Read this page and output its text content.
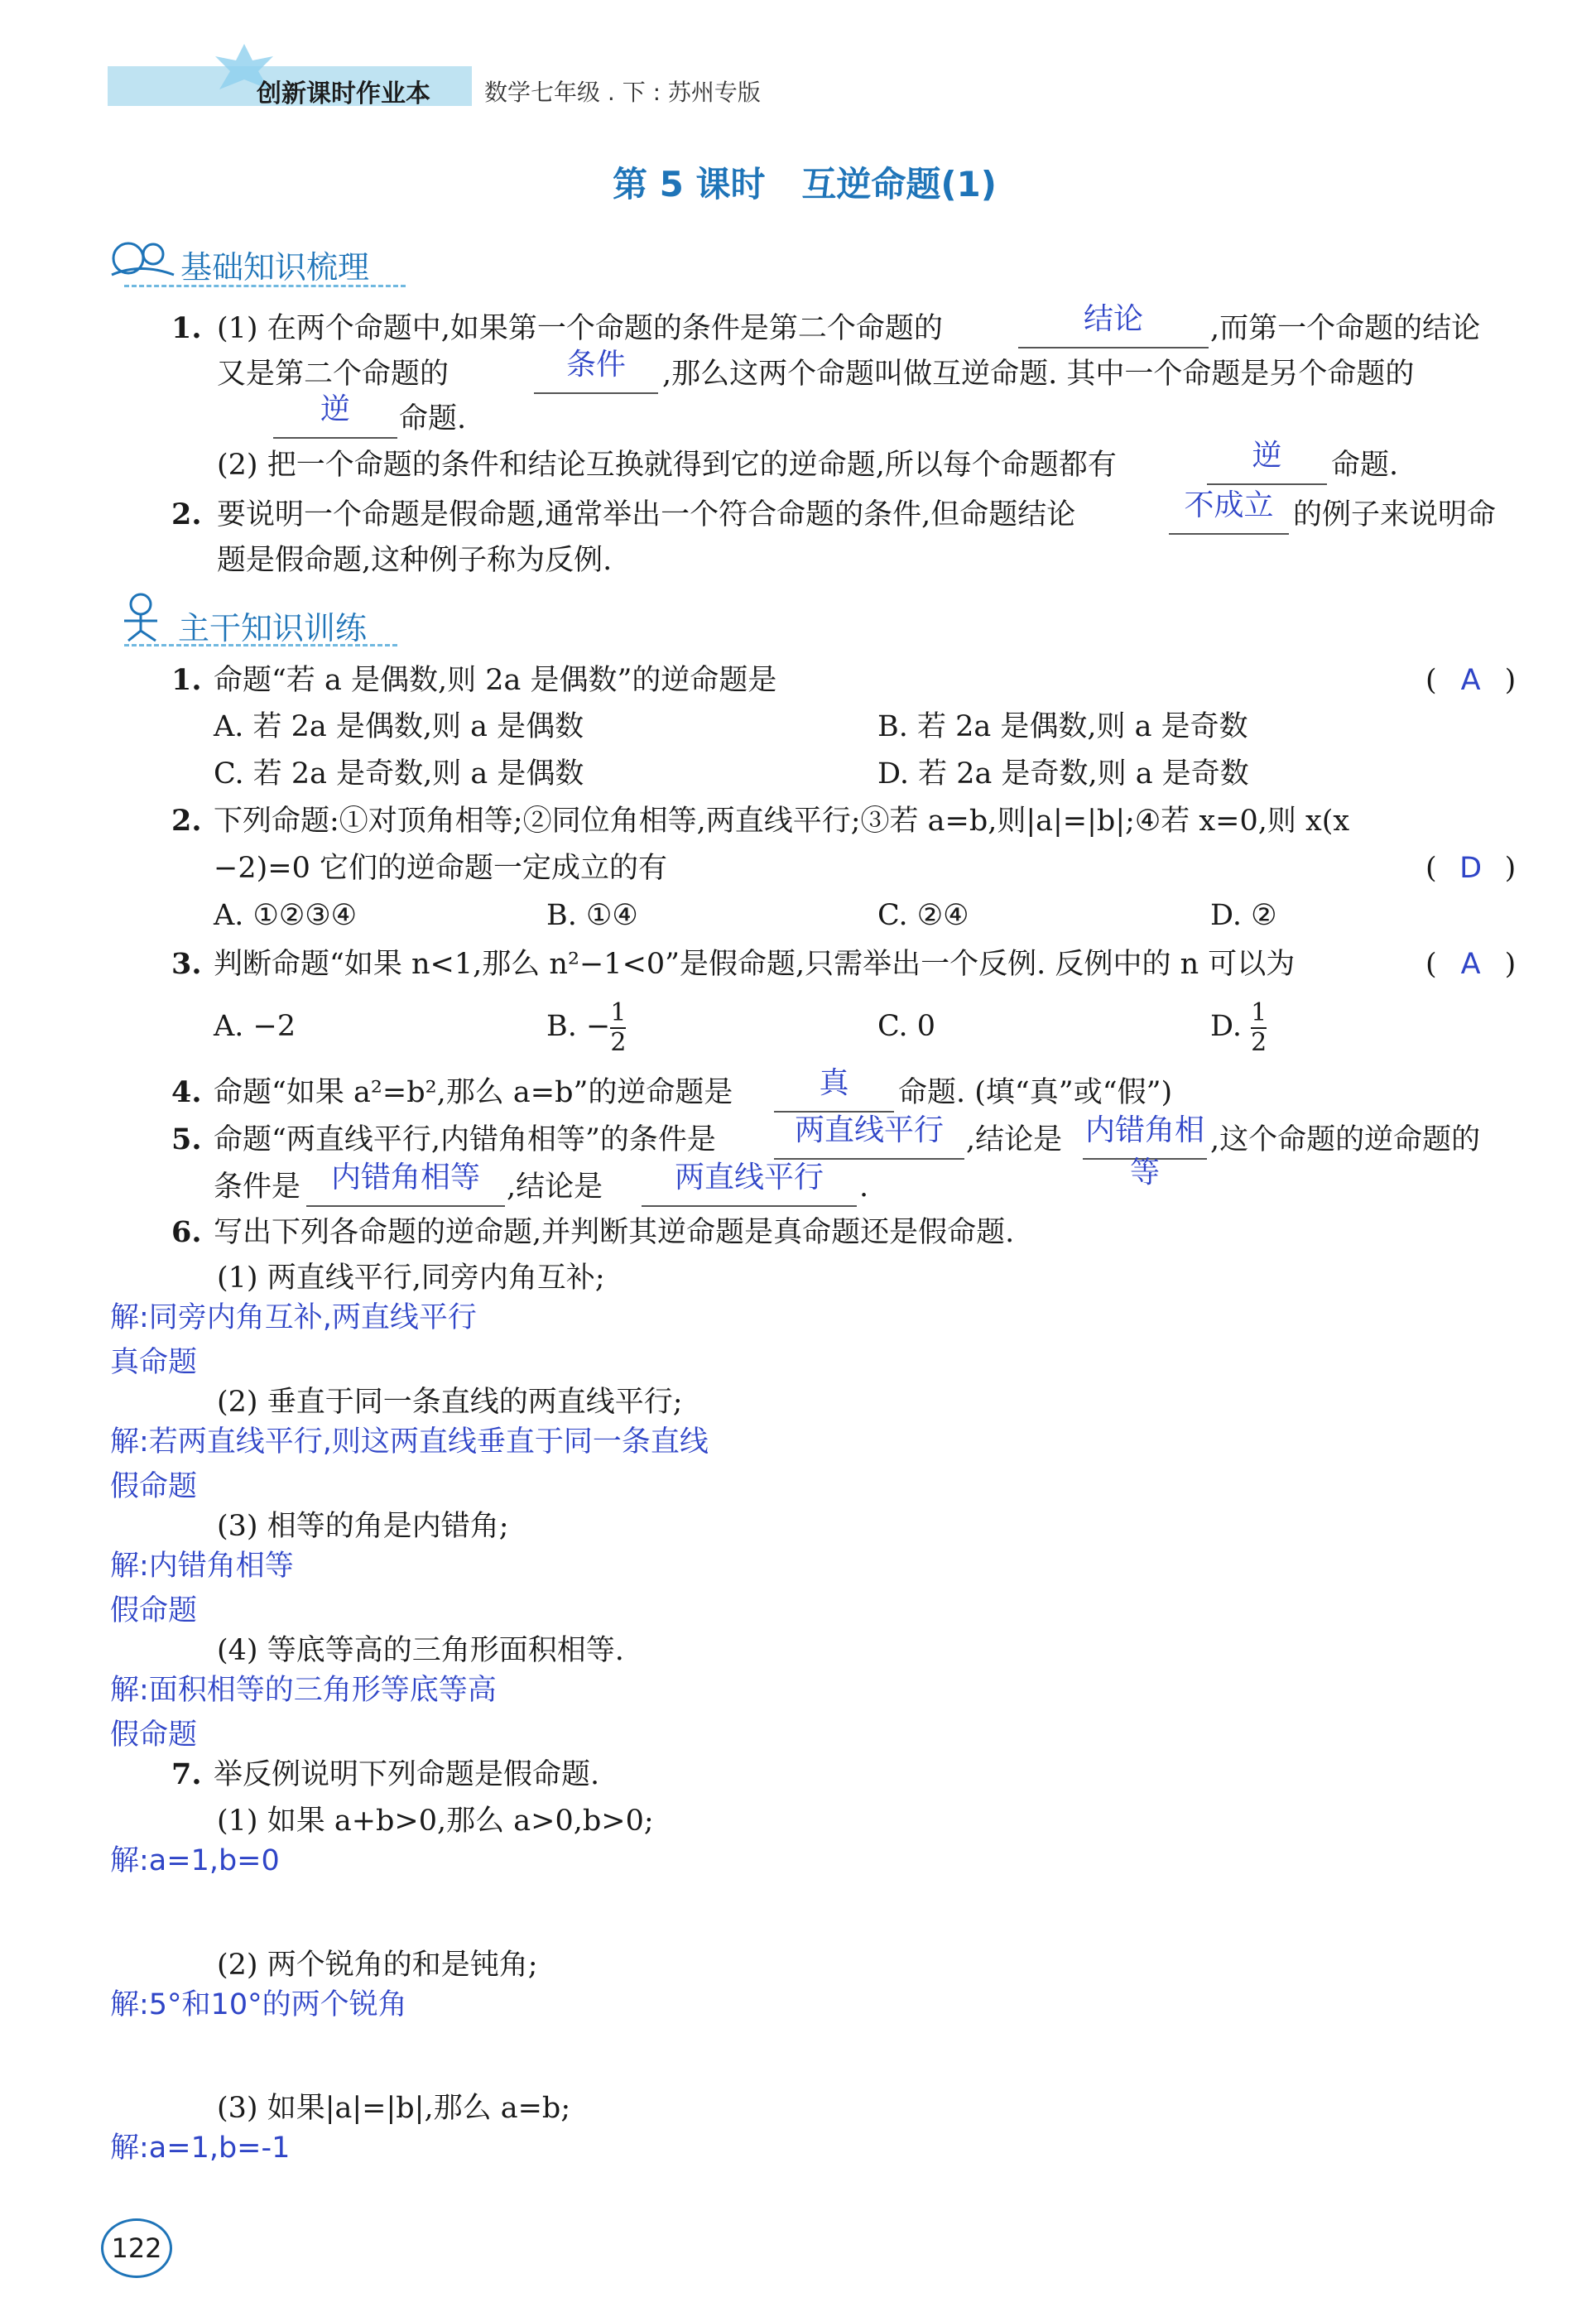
创新课时作业本 数学七年级 . 下 : 苏州专版
第 5 课时   互逆命题(1)
基础知识梳理
1. (1) 在两个命题中,如果第一个命题的条件是第二个命题的	结论	,而第一个命题的结论
又是第二个命题的	条件	,那么这两个命题叫做互逆命题. 其中一个命题是另个命题的
逆	命题.
(2) 把一个命题的条件和结论互换就得到它的逆命题,所以每个命题都有	逆	命题.
2. 要说明一个命题是假命题,通常举出一个符合命题的条件,但命题结论	不成立 的例子来说明命
题是假命题,这种例子称为反例.
主干知识训练
1. 命题“若 a 是偶数,则 2a 是偶数”的逆命题是	( A )
A. 若 2a 是偶数,则 a 是偶数	B. 若 2a 是偶数,则 a 是奇数
C. 若 2a 是奇数,则 a 是偶数	D. 若 2a 是奇数,则 a 是奇数
2. 下列命题:①对顶角相等;②同位角相等,两直线平行;③若 a=b,则|a|=|b|;④若 x=0,则 x(x
−2)=0 它们的逆命题一定成立的有	( D )
A. ①②③④	B. ①④	C. ②④	D. ②
3. 判断命题“如果 n<1,那么 n²−1<0”是假命题,只需举出一个反例. 反例中的 n 可以为	( A )
A. −2	B. − $\frac{1}{2}$	C. 0	D. $\frac{1}{2}$
4. 命题“如果 a²=b²,那么 a=b”的逆命题是	真	命题. (填“真”或“假”)
5. 命题“两直线平行,内错角相等”的条件是	两直线平行 ,结论是 内错角相等
,这个命题的逆命题的
条件是	内错角相等 ,结论是	两直线平行	.
6. 写出下列各命题的逆命题,并判断其逆命题是真命题还是假命题.
(1) 两直线平行,同旁内角互补;
解:同旁内角互补,两直线平行
真命题
(2) 垂直于同一条直线的两直线平行;
解:若两直线平行,则这两直线垂直于同一条直线
假命题
(3) 相等的角是内错角;
解:内错角相等
假命题
(4) 等底等高的三角形面积相等.
解:面积相等的三角形等底等高
假命题
7. 举反例说明下列命题是假命题.
(1) 如果 a+b>0,那么 a>0,b>0;
解:a=1,b=0
(2) 两个锐角的和是钝角;
解:5°和10°的两个锐角
(3) 如果|a|=|b|,那么 a=b;
解:a=1,b=-1
122
